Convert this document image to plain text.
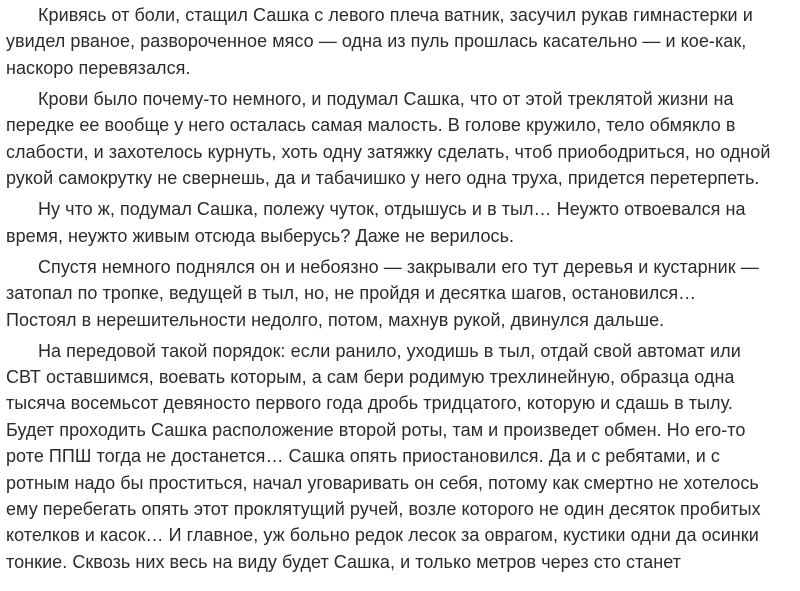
Кривясь от боли, стащил Сашка с левого плеча ватник, засучил рукав гимнастерки и
увидел рваное, развороченное мясо — одна из пуль прошлась касательно — и кое-как,
наскоро перевязался.

Крови было почему-то немного, и подумал Сашка, что от этой треклятой жизни на
передке ее вообще у него осталась самая малость. В голове кружило, тело обмякло в
слабости, и захотелось курнуть, хоть одну затяжку сделать, чтоб приободриться, но одной
рукой самокрутку не свернешь, да и табачишко у него одна труха, придется перетерпеть.

Ну что ж, подумал Сашка, полежу чуток, отдышусь и в тыл… Неужто отвоевался на
время, неужто живым отсюда выберусь? Даже не верилось.

Спустя немного поднялся он и небоязно — закрывали его тут деревья и кустарник —
затопал по тропке, ведущей в тыл, но, не пройдя и десятка шагов, остановился…
Постоял в нерешительности недолго, потом, махнув рукой, двинулся дальше.

На передовой такой порядок: если ранило, уходишь в тыл, отдай свой автомат или
СВТ оставшимся, воевать которым, а сам бери родимую трехлинейную, образца одна
тысяча восемьсот девяносто первого года дробь тридцатого, которую и сдашь в тылу.
Будет проходить Сашка расположение второй роты, там и произведет обмен. Но его-то
роте ППШ тогда не достанется… Сашка опять приостановился. Да и с ребятами, и с
ротным надо бы проститься, начал уговаривать он себя, потому как смертно не хотелось
ему перебегать опять этот проклятущий ручей, возле которого не один десяток пробитых
котелков и касок… И главное, уж больно редок лесок за оврагом, кустики одни да осинки
тонкие. Сквозь них весь на виду будет Сашка, и только метров через сто станет
